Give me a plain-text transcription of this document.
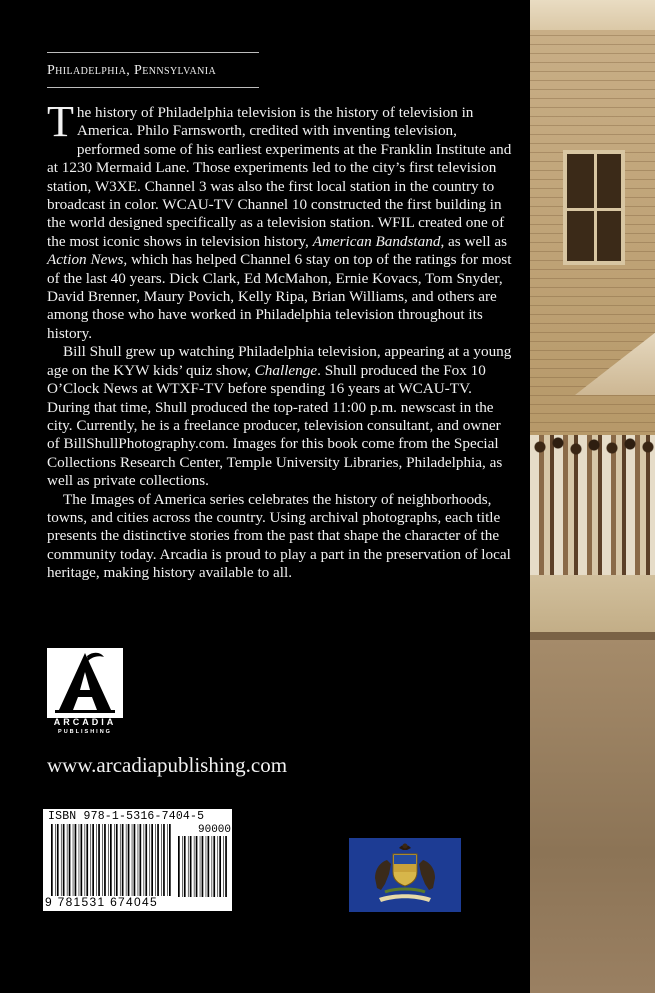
Philadelphia, Pennsylvania

The history of Philadelphia television is the history of television in America. Philo Farnsworth, credited with inventing television, performed some of his earliest experiments at the Franklin Institute and at 1230 Mermaid Lane. Those experiments led to the city’s first television station, W3XE. Channel 3 was also the first local station in the country to broadcast in color. WCAU-TV Channel 10 constructed the first building in the world designed specifically as a television station. WFIL created one of the most iconic shows in television history, American Bandstand, as well as Action News, which has helped Channel 6 stay on top of the ratings for most of the last 40 years. Dick Clark, Ed McMahon, Ernie Kovacs, Tom Snyder, David Brenner, Maury Povich, Kelly Ripa, Brian Williams, and others are among those who have worked in Philadelphia television throughout its history.

Bill Shull grew up watching Philadelphia television, appearing at a young age on the KYW kids’ quiz show, Challenge. Shull produced the Fox 10 O’Clock News at WTXF-TV before spending 16 years at WCAU-TV. During that time, Shull produced the top-rated 11:00 p.m. newscast in the city. Currently, he is a freelance producer, television consultant, and owner of BillShullPhotography.com. Images for this book come from the Special Collections Research Center, Temple University Libraries, Philadelphia, as well as private collections.

The Images of America series celebrates the history of neighborhoods, towns, and cities across the country. Using archival photographs, each title presents the distinctive stories from the past that shape the character of the community today. Arcadia is proud to play a part in the preservation of local heritage, making history available to all.

ARCADIA
PUBLISHING
www.arcadiapublishing.com
ISBN 978-1-5316-7404-5
90000
9 781531 674045
